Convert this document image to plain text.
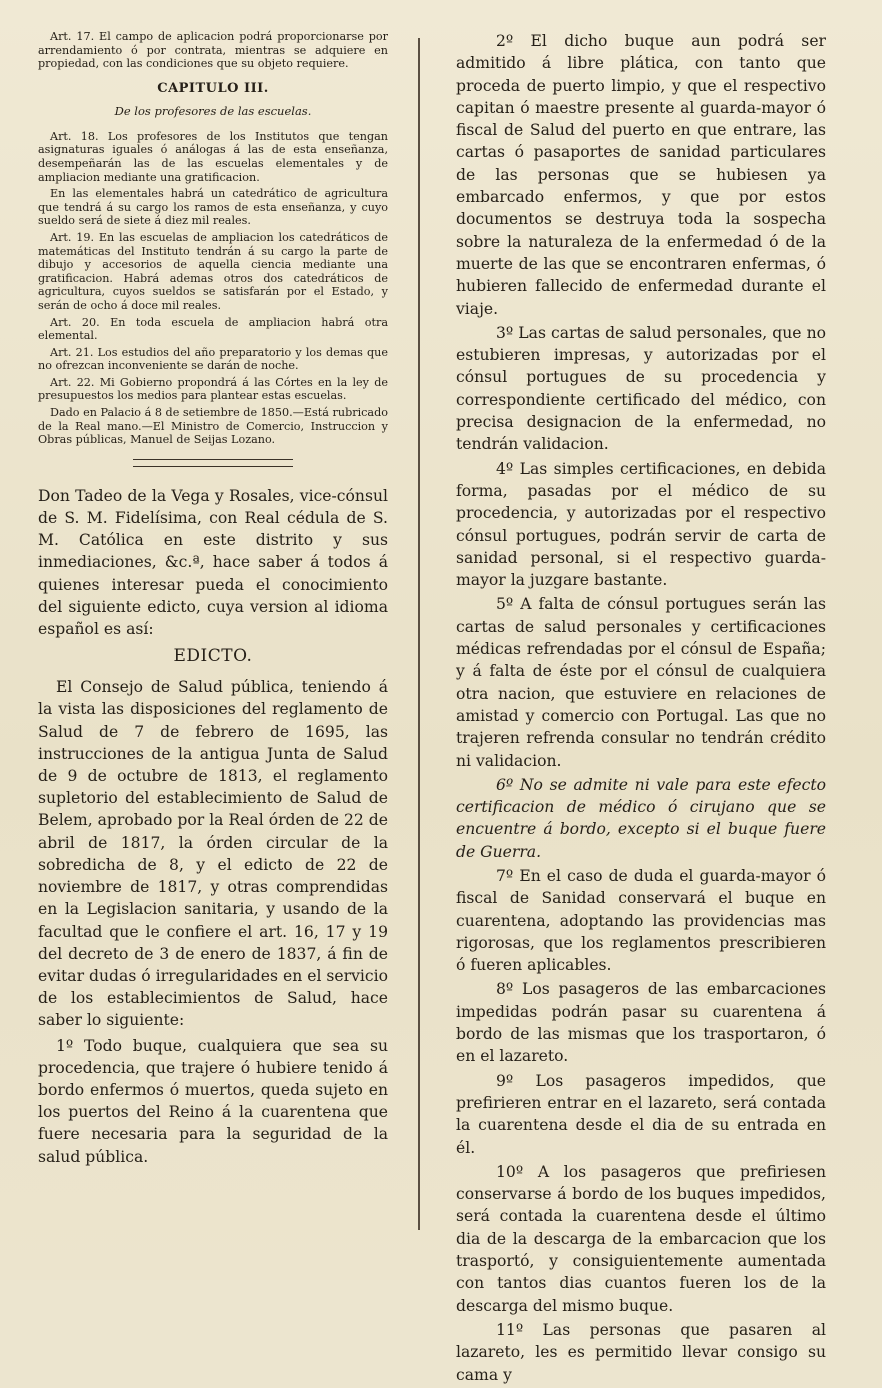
Art. 17. El campo de aplicacion podrá proporcionarse por arrendamiento ó por contrata, mientras se adquiere en propiedad, con las condiciones que su objeto requiere.

CAPITULO III.
De los profesores de las escuelas.

Art. 18. Los profesores de los Institutos que tengan asignaturas iguales ó análogas á las de esta enseñanza, desempeñarán las de las escuelas elementales y de ampliacion mediante una gratificacion.

En las elementales habrá un catedrático de agricultura que tendrá á su cargo los ramos de esta enseñanza, y cuyo sueldo será de siete á diez mil reales.

Art. 19. En las escuelas de ampliacion los catedráticos de matemáticas del Instituto tendrán á su cargo la parte de dibujo y accesorios de aquella ciencia mediante una gratificacion. Habrá ademas otros dos catedráticos de agricultura, cuyos sueldos se satisfarán por el Estado, y serán de ocho á doce mil reales.

Art. 20. En toda escuela de ampliacion habrá otra elemental.

Art. 21. Los estudios del año preparatorio y los demas que no ofrezcan inconveniente se darán de noche.

Art. 22. Mi Gobierno propondrá á las Córtes en la ley de presupuestos los medios para plantear estas escuelas.

Dado en Palacio á 8 de setiembre de 1850.—Está rubricado de la Real mano.—El Ministro de Comercio, Instruccion y Obras públicas, Manuel de Seijas Lozano.

Don Tadeo de la Vega y Rosales, vice-cónsul de S. M. Fidelísima, con Real cédula de S. M. Católica en este distrito y sus inmediaciones, &c.ª, hace saber á todos á quienes interesar pueda el conocimiento del siguiente edicto, cuya version al idioma español es así:

EDICTO.

El Consejo de Salud pública, teniendo á la vista las disposiciones del reglamento de Salud de 7 de febrero de 1695, las instrucciones de la antigua Junta de Salud de 9 de octubre de 1813, el reglamento supletorio del establecimiento de Salud de Belem, aprobado por la Real órden de 22 de abril de 1817, la órden circular de la sobredicha de 8, y el edicto de 22 de noviembre de 1817, y otras comprendidas en la Legislacion sanitaria, y usando de la facultad que le confiere el art. 16, 17 y 19 del decreto de 3 de enero de 1837, á fin de evitar dudas ó irregularidades en el servicio de los establecimientos de Salud, hace saber lo siguiente:

1º Todo buque, cualquiera que sea su procedencia, que trajere ó hubiere tenido á bordo enfermos ó muertos, queda sujeto en los puertos del Reino á la cuarentena que fuere necesaria para la seguridad de la salud pública.

2º El dicho buque aun podrá ser admitido á libre plática, con tanto que proceda de puerto limpio, y que el respectivo capitan ó maestre presente al guarda-mayor ó fiscal de Salud del puerto en que entrare, las cartas ó pasaportes de sanidad particulares de las personas que se hubiesen ya embarcado enfermos, y que por estos documentos se destruya toda la sospecha sobre la naturaleza de la enfermedad ó de la muerte de las que se encontraren enfermas, ó hubieren fallecido de enfermedad durante el viaje.

3º Las cartas de salud personales, que no estubieren impresas, y autorizadas por el cónsul portugues de su procedencia y correspondiente certificado del médico, con precisa designacion de la enfermedad, no tendrán validacion.

4º Las simples certificaciones, en debida forma, pasadas por el médico de su procedencia, y autorizadas por el respectivo cónsul portugues, podrán servir de carta de sanidad personal, si el respectivo guarda-mayor la juzgare bastante.

5º A falta de cónsul portugues serán las cartas de salud personales y certificaciones médicas refrendadas por el cónsul de España; y á falta de éste por el cónsul de cualquiera otra nacion, que estuviere en relaciones de amistad y comercio con Portugal. Las que no trajeren refrenda consular no tendrán crédito ni validacion.

6º No se admite ni vale para este efecto certificacion de médico ó cirujano que se encuentre á bordo, excepto si el buque fuere de Guerra.

7º En el caso de duda el guarda-mayor ó fiscal de Sanidad conservará el buque en cuarentena, adoptando las providencias mas rigorosas, que los reglamentos prescribieren ó fueren aplicables.

8º Los pasageros de las embarcaciones impedidas podrán pasar su cuarentena á bordo de las mismas que los trasportaron, ó en el lazareto.

9º Los pasageros impedidos, que prefirieren entrar en el lazareto, será contada la cuarentena desde el dia de su entrada en él.

10º A los pasageros que prefiriesen conservarse á bordo de los buques impedidos, será contada la cuarentena desde el último dia de la descarga de la embarcacion que los trasportó, y consiguientemente aumentada con tantos dias cuantos fueren los de la descarga del mismo buque.

11º Las personas que pasaren al lazareto, les es permitido llevar consigo su cama y
